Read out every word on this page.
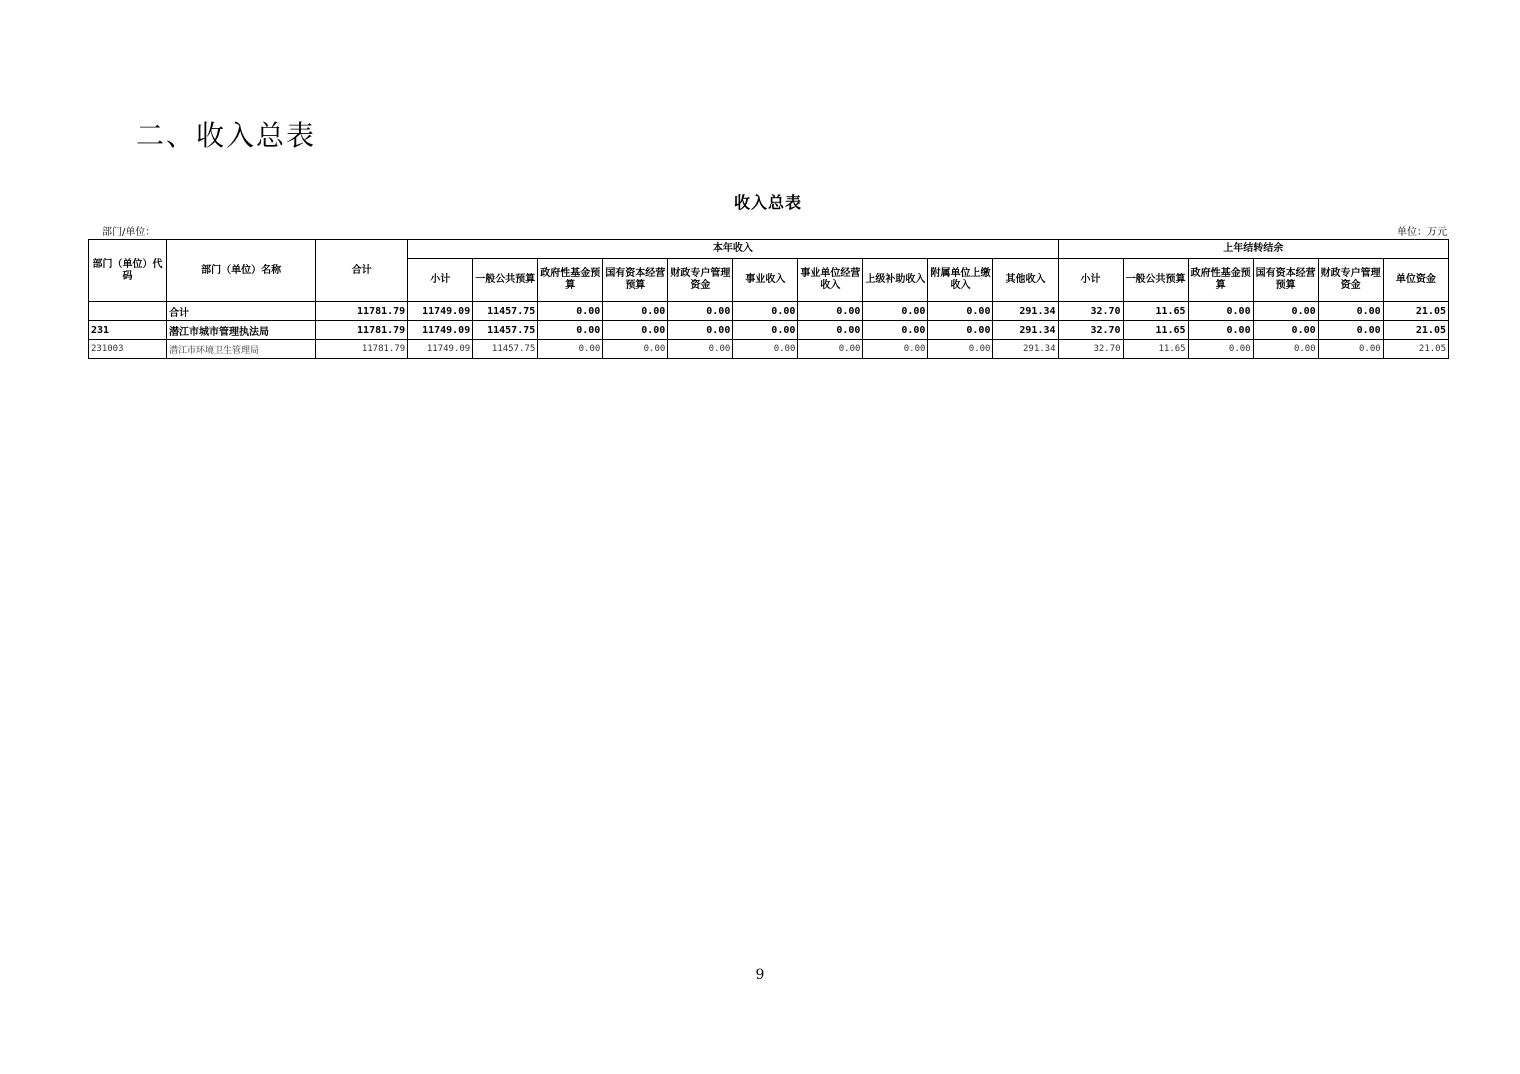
二、收入总表
收入总表
部门/单位：	单位：万元
部门（单位）代码	部门（单位）名称	合计	本年收入										上年结转结余					
			小计	一般公共预算	政府性基金预算	国有资本经营预算	财政专户管理资金	事业收入	事业单位经营收入	上级补助收入	附属单位上缴收入	其他收入	小计	一般公共预算	政府性基金预算	国有资本经营预算	财政专户管理资金	单位资金
	合计	11781.79	11749.09	11457.75	0.00	0.00	0.00	0.00	0.00	0.00	0.00	291.34	32.70	11.65	0.00	0.00	0.00	21.05
231	潜江市城市管理执法局	11781.79	11749.09	11457.75	0.00	0.00	0.00	0.00	0.00	0.00	0.00	291.34	32.70	11.65	0.00	0.00	0.00	21.05
231003	潜江市环境卫生管理局	11781.79	11749.09	11457.75	0.00	0.00	0.00	0.00	0.00	0.00	0.00	291.34	32.70	11.65	0.00	0.00	0.00	21.05
9
